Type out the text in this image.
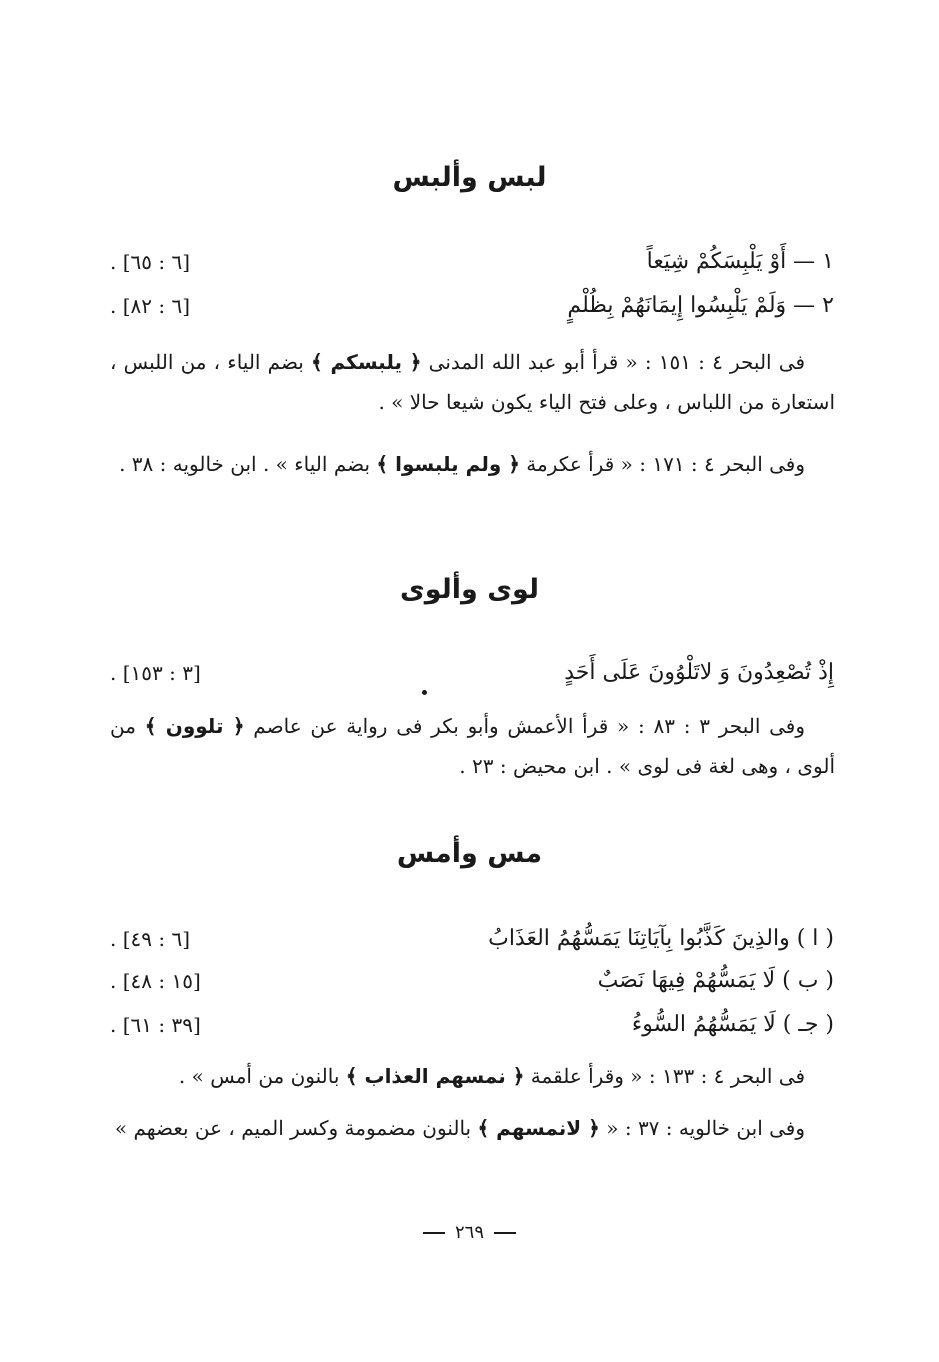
لبس وألبس
١ — أَوْ يَلْبِسَكُمْ شِيَعاً
[٦ : ٦٥] .
٢ — وَلَمْ يَلْبِسُوا إِيمَانَهُمْ بِظُلْمٍ
[٦ : ٨٢] .
فى البحر ٤ : ١٥١ : « قرأ أبو عبد الله المدنى ﴿ يلبسكم ﴾ بضم الياء ، من اللبس ، استعارة من اللباس ، وعلى فتح الياء يكون شيعا حالا » .
وفى البحر ٤ : ١٧١ : « قرأ عكرمة ﴿ ولم يلبسوا ﴾ بضم الياء » . ابن خالويه : ٣٨ .
لوى وألوى
إِذْ تُصْعِدُونَ وَ لاتَلْوُونَ عَلَى أَحَدٍ
[٣ : ١٥٣] .
وفى البحر ٣ : ٨٣ : « قرأ الأعمش وأبو بكر فى رواية عن عاصم ﴿ تلوون ﴾ من ألوى ، وهى لغة فى لوى » . ابن محيض : ٢٣ .
مس وأمس
( ا ) والذِينَ كَذَّبُوا بِآيَاتِنَا يَمَسُّهُمُ العَذَابُ
[٦ : ٤٩] .
( ب ) لَا يَمَسُّهُمْ فِيهَا نَصَبٌ
[١٥ : ٤٨] .
( جـ ) لَا يَمَسُّهُمُ السُّوءُ
[٣٩ : ٦١] .
فى البحر ٤ : ١٣٣ : « وقرأ علقمة ﴿ نمسهم العذاب ﴾ بالنون من أمس » .
وفى ابن خالويه : ٣٧ : « ﴿ لانمسهم ﴾ بالنون مضمومة وكسر الميم ، عن بعضهم »
٢٦٩
